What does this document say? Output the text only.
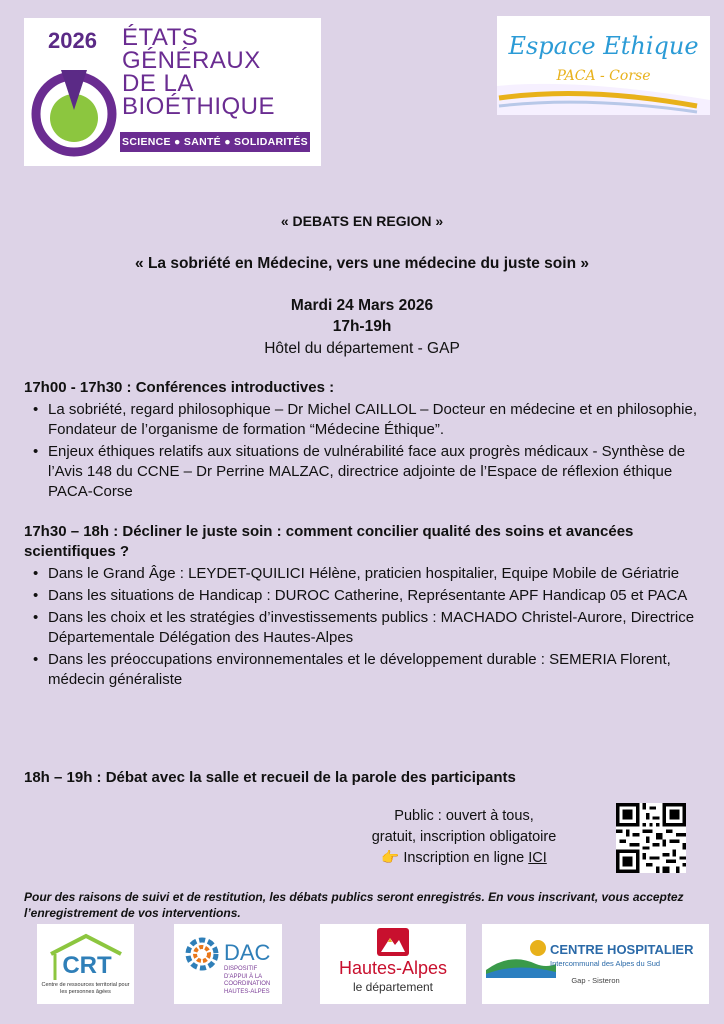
2026 ÉTATS
GÉNÉRAUX
DE LA
BIOÉTHIQUE
SCIENCE ● SANTÉ ● SOLIDARITÉS
Espace Ethique
PACA - Corse
« DEBATS EN REGION »
« La sobriété en Médecine, vers une médecine du juste soin »
Mardi 24 Mars 2026
17h-19h
Hôtel du département - GAP
17h00 - 17h30 : Conférences introductives :
• La sobriété, regard philosophique – Dr Michel CAILLOL – Docteur en médecine et en philosophie, Fondateur de l’organisme de formation “Médecine Éthique”.
• Enjeux éthiques relatifs aux situations de vulnérabilité face aux progrès médicaux - Synthèse de l’Avis 148 du CCNE – Dr Perrine MALZAC, directrice adjointe de l’Espace de réflexion éthique PACA-Corse
17h30 – 18h : Décliner le juste soin : comment concilier qualité des soins et avancées scientifiques ?
• Dans le Grand Âge : LEYDET-QUILICI Hélène, praticien hospitalier, Equipe Mobile de Gériatrie
• Dans les situations de Handicap : DUROC Catherine, Représentante APF Handicap 05 et PACA
• Dans les choix et les stratégies d’investissements publics : MACHADO Christel-Aurore, Directrice Départementale Délégation des Hautes-Alpes
• Dans les préoccupations environnementales et le développement durable : SEMERIA Florent, médecin généraliste
18h – 19h : Débat avec la salle et recueil de la parole des participants
Public : ouvert à tous,
gratuit, inscription obligatoire
👉 Inscription en ligne ICI
Pour des raisons de suivi et de restitution, les débats publics seront enregistrés. En vous inscrivant, vous acceptez l’enregistrement de vos interventions.
CRT
Centre de ressources territorial pour les personnes âgées
DAC
DISPOSITIF D'APPUI À LA COORDINATION HAUTES-ALPES
Hautes-Alpes
le département
CENTRE HOSPITALIER
Intercommunal des Alpes du Sud
Gap - Sisteron
